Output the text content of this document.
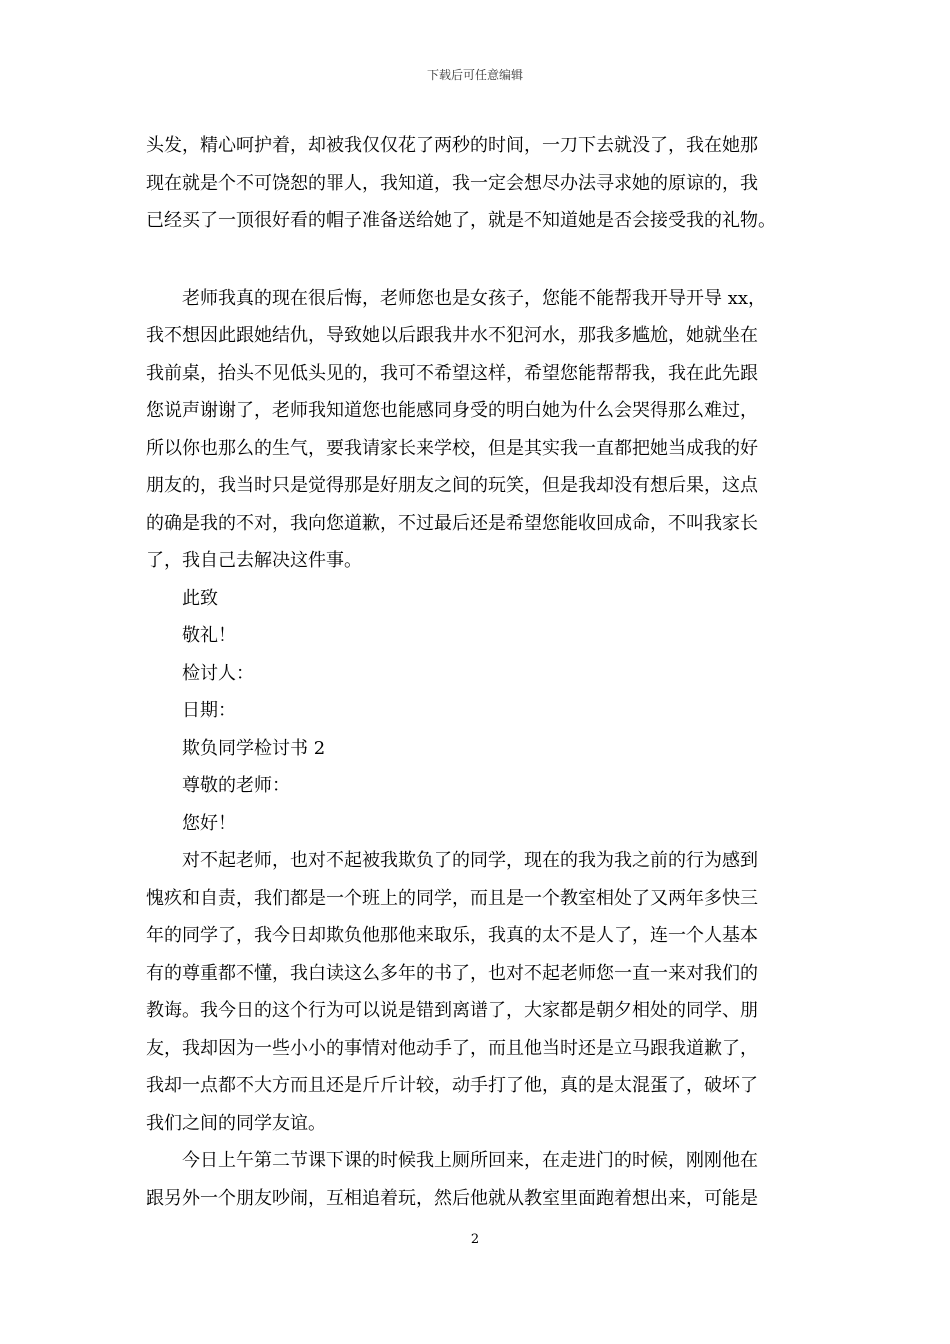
下载后可任意编辑
头发，精心呵护着，却被我仅仅花了两秒的时间，一刀下去就没了，我在她那
现在就是个不可饶恕的罪人，我知道，我一定会想尽办法寻求她的原谅的，我
已经买了一顶很好看的帽子准备送给她了，就是不知道她是否会接受我的礼物。
老师我真的现在很后悔，老师您也是女孩子，您能不能帮我开导开导 xx，
我不想因此跟她结仇，导致她以后跟我井水不犯河水，那我多尴尬，她就坐在
我前桌，抬头不见低头见的，我可不希望这样，希望您能帮帮我，我在此先跟
您说声谢谢了，老师我知道您也能感同身受的明白她为什么会哭得那么难过，
所以你也那么的生气，要我请家长来学校，但是其实我一直都把她当成我的好
朋友的，我当时只是觉得那是好朋友之间的玩笑，但是我却没有想后果，这点
的确是我的不对，我向您道歉，不过最后还是希望您能收回成命，不叫我家长
了，我自己去解决这件事。
此致
敬礼！
检讨人：
日期：
欺负同学检讨书 2
尊敬的老师：
您好！
对不起老师，也对不起被我欺负了的同学，现在的我为我之前的行为感到
愧疚和自责，我们都是一个班上的同学，而且是一个教室相处了又两年多快三
年的同学了，我今日却欺负他那他来取乐，我真的太不是人了，连一个人基本
有的尊重都不懂，我白读这么多年的书了，也对不起老师您一直一来对我们的
教诲。我今日的这个行为可以说是错到离谱了，大家都是朝夕相处的同学、朋
友，我却因为一些小小的事情对他动手了，而且他当时还是立马跟我道歉了，
我却一点都不大方而且还是斤斤计较，动手打了他，真的是太混蛋了，破坏了
我们之间的同学友谊。
今日上午第二节课下课的时候我上厕所回来，在走进门的时候，刚刚他在
跟另外一个朋友吵闹，互相追着玩，然后他就从教室里面跑着想出来，可能是
2
